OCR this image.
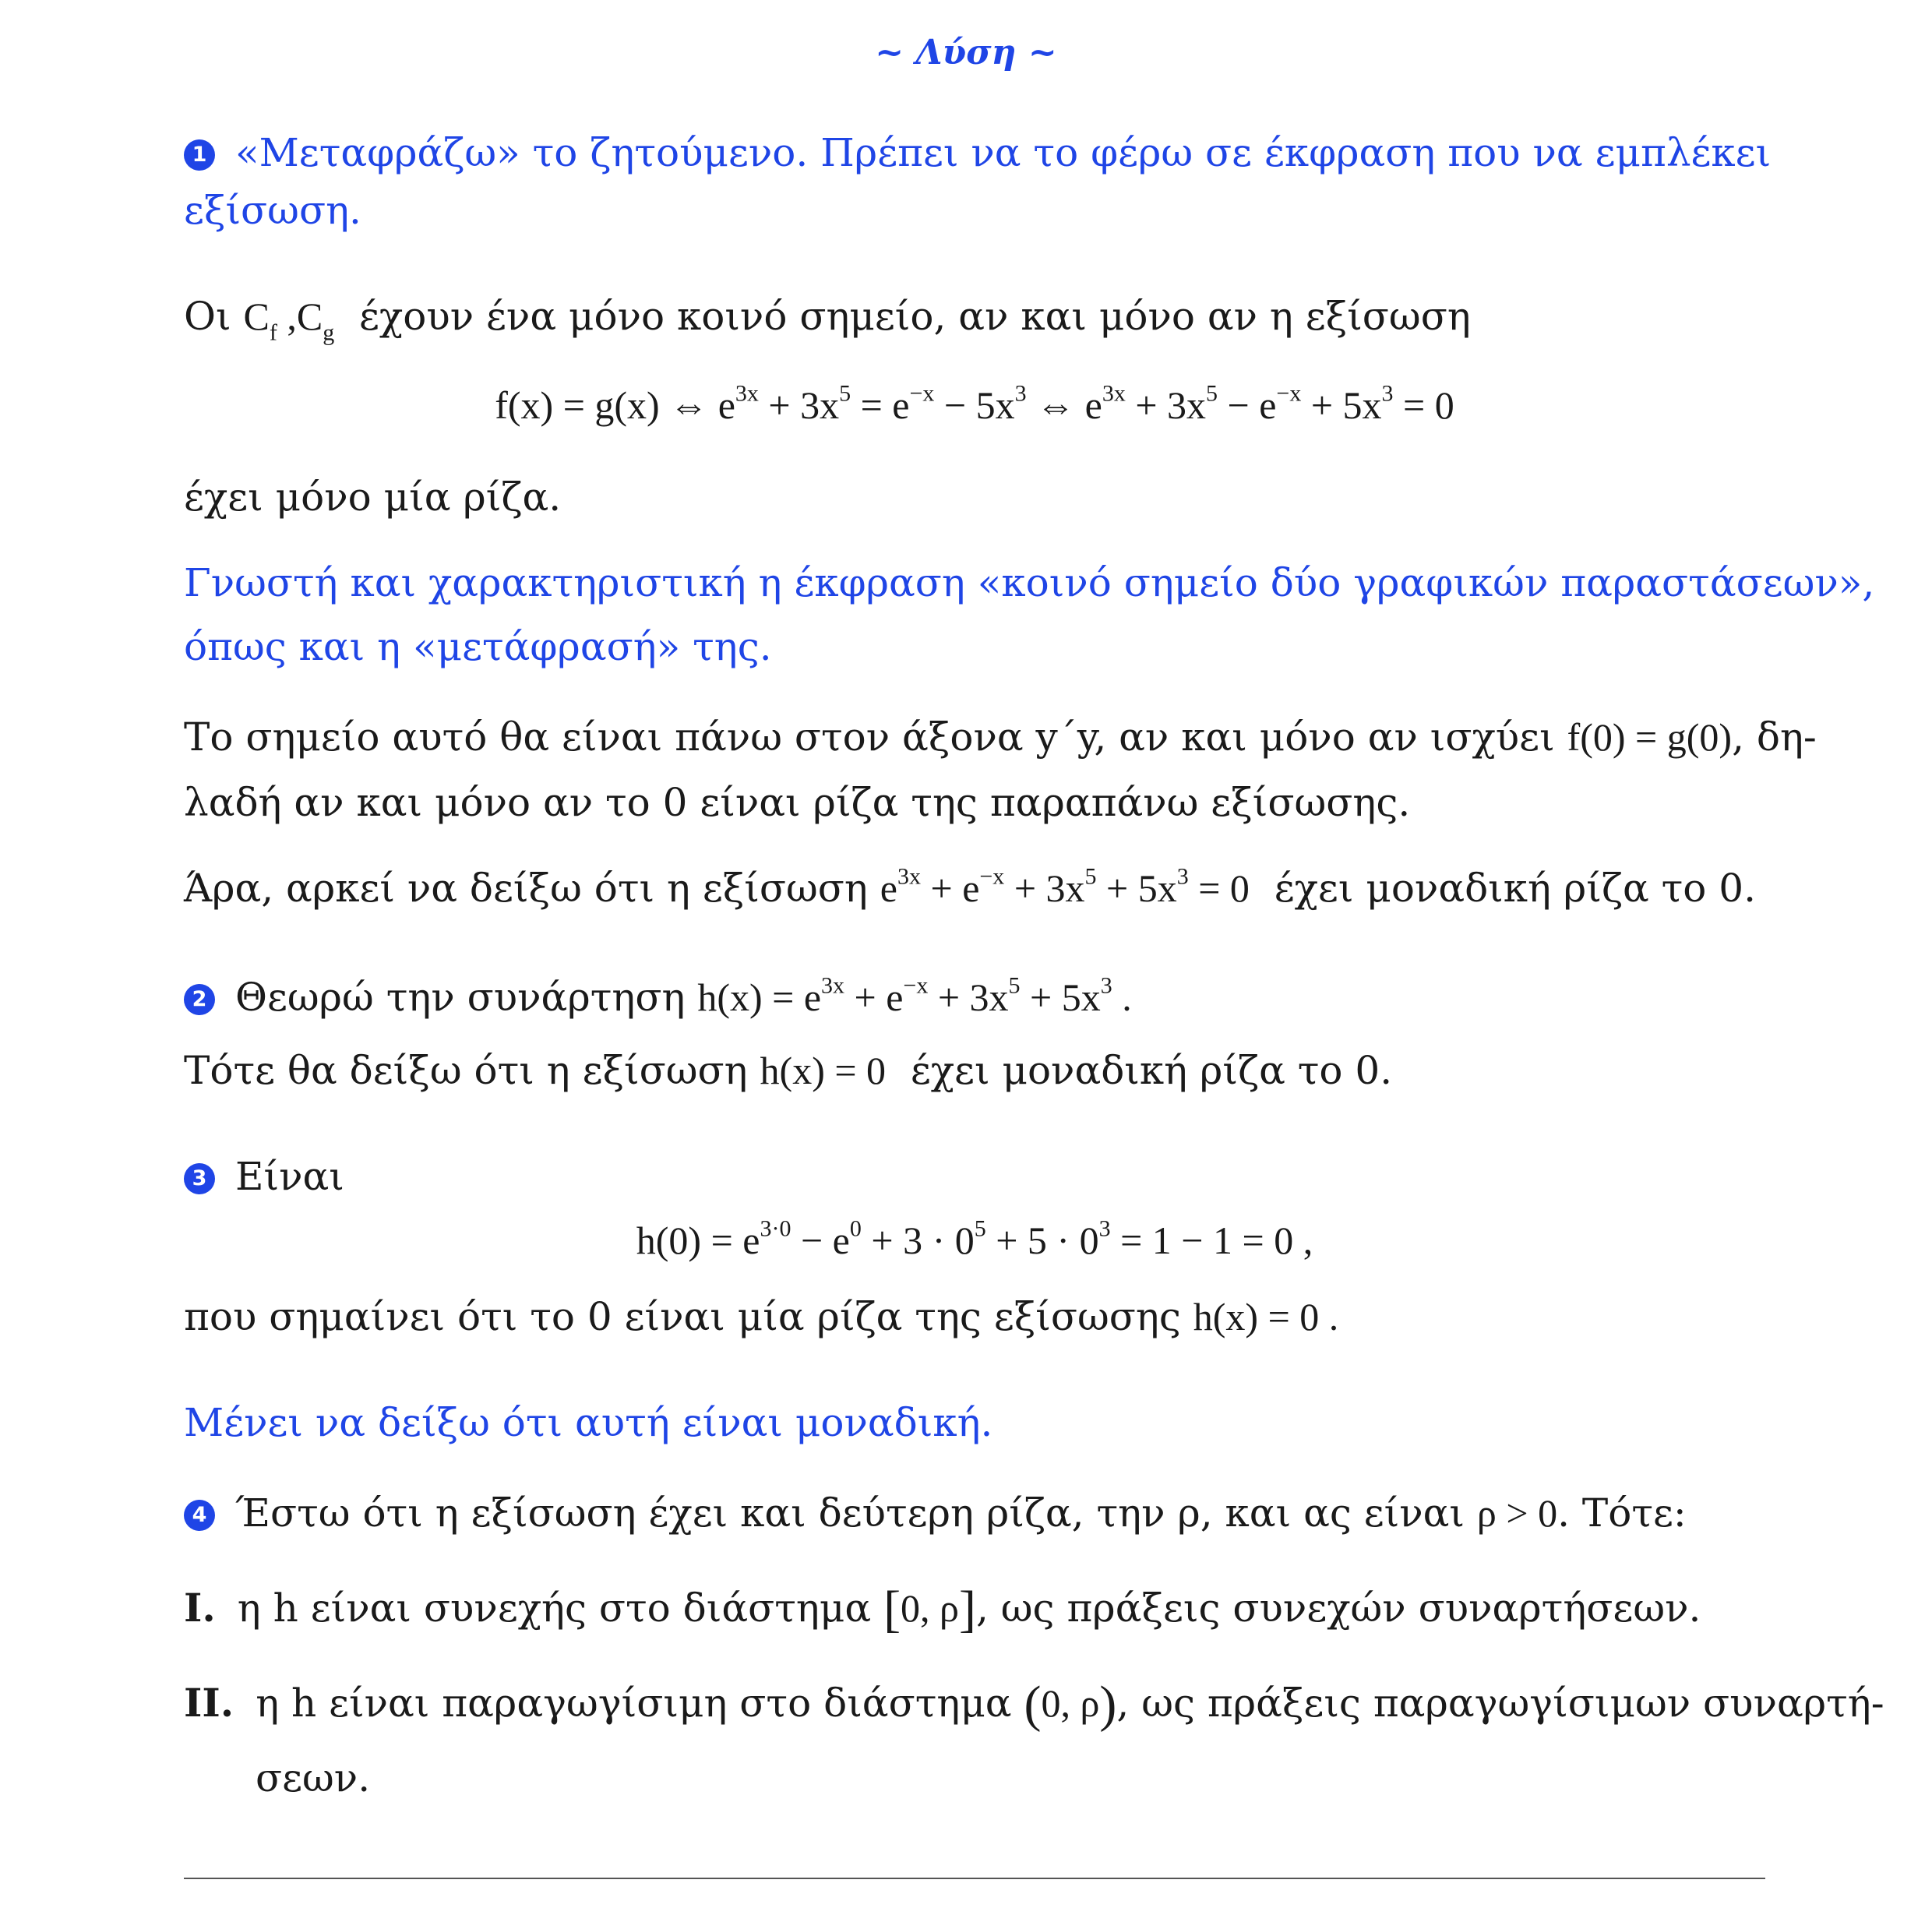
~ Λύση ~
1 «Μεταφράζω» το ζητούμενο. Πρέπει να το φέρω σε έκφραση που να εμπλέκει
εξίσωση.
Οι $C_f$ $,C_g$ έχουν ένα μόνο κοινό σημείο, αν και μόνο αν η εξίσωση
f(x) = g(x) ⇔ $e^{3x} + 3x^5 = e^{-x} - 5x^3$ ⇔ $e^{3x} + 3x^5 - e^{-x} + 5x^3 = 0$
έχει μόνο μία ρίζα.
Γνωστή και χαρακτηριστική η έκφραση «κοινό σημείο δύο γραφικών παραστάσεων»,
όπως και η «μετάφρασή» της.
Το σημείο αυτό θα είναι πάνω στον άξονα y΄y, αν και μόνο αν ισχύει f(0) = g(0), δη-
λαδή αν και μόνο αν το 0 είναι ρίζα της παραπάνω εξίσωσης.
Άρα, αρκεί να δείξω ότι η εξίσωση $e^{3x} + e^{-x} + 3x^5 + 5x^3 = 0$ έχει μοναδική ρίζα το 0.
2 Θεωρώ την συνάρτηση $h(x) = e^{3x} + e^{-x} + 3x^5 + 5x^3$ .
Τότε θα δείξω ότι η εξίσωση h(x) = 0 έχει μοναδική ρίζα το 0.
3 Είναι
$h(0) = e^{3\cdot 0} - e^0 + 3 \cdot 0^5 + 5 \cdot 0^3 = 1 - 1 = 0$ ,
που σημαίνει ότι το 0 είναι μία ρίζα της εξίσωσης h(x) = 0 .
Μένει να δείξω ότι αυτή είναι μοναδική.
4 Έστω ότι η εξίσωση έχει και δεύτερη ρίζα, την ρ, και ας είναι ρ > 0. Τότε:
I. η h είναι συνεχής στο διάστημα [0, ρ], ως πράξεις συνεχών συναρτήσεων.
II. η h είναι παραγωγίσιμη στο διάστημα (0, ρ), ως πράξεις παραγωγίσιμων συναρτή-
σεων.
